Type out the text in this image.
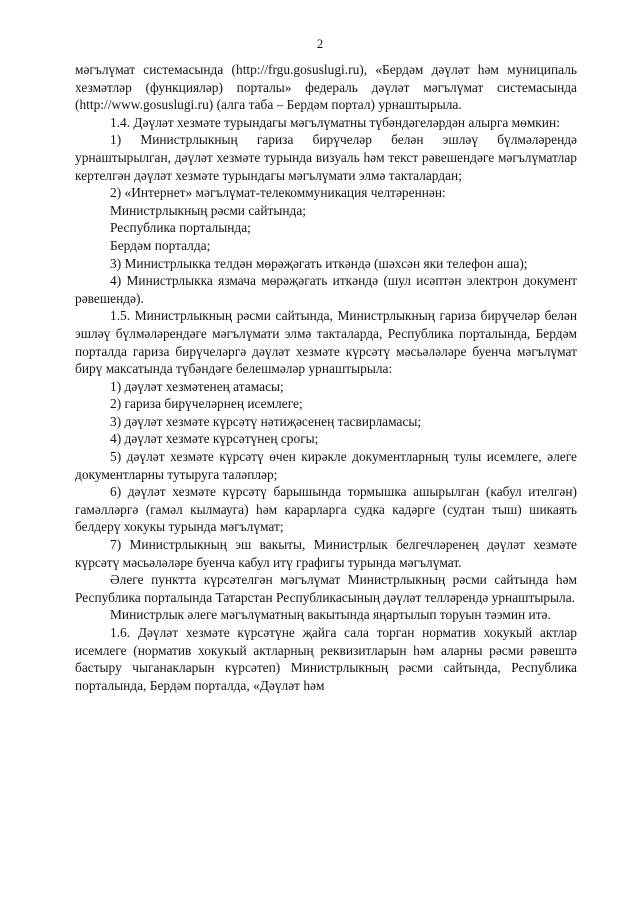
2

мәгълүмат системасында (http://frgu.gosuslugi.ru), «Бердәм дәүләт һәм муниципаль хезмәтләр (функцияләр) порталы» федераль дәүләт мәгълүмат системасында (http://www.gosuslugi.ru) (алга таба – Бердәм портал) урнаштырыла.

1.4. Дәүләт хезмәте турындагы мәгълүматны түбәндәгеләрдән алырга мөмкин:

1) Министрлыкның гариза бирүчеләр белән эшләү бүлмәләрендә урнаштырылган, дәүләт хезмәте турында визуаль һәм текст рәвешендәге мәгълүматлар кертелгән дәүләт хезмәте турындагы мәгълүмати элмә такталардан;

2) «Интернет» мәгълүмат-телекоммуникация челтәреннән:

Министрлыкның рәсми сайтында;

Республика порталында;

Бердәм порталда;

3) Министрлыкка телдән мөрәҗәгать иткәндә (шәхсән яки телефон аша);

4) Министрлыкка язмача мөрәҗәгать иткәндә (шул исәптән электрон документ рәвешендә).

1.5. Министрлыкның рәсми сайтында, Министрлыкның гариза бирүчеләр белән эшләү бүлмәләрендәге мәгълүмати элмә такталарда, Республика порталында, Бердәм порталда гариза бирүчеләргә дәүләт хезмәте күрсәтү мәсьәләләре буенча мәгълүмат бирү максатында түбәндәге белешмәләр урнаштырыла:

1) дәүләт хезмәтенең атамасы;

2) гариза бирүчеләрнең исемлеге;

3) дәүләт хезмәте күрсәтү нәтиҗәсенең тасвирламасы;

4) дәүләт хезмәте күрсәтүнең срогы;

5) дәүләт хезмәте күрсәтү өчен кирәкле документларның тулы исемлеге, әлеге документларны тутыруга таләпләр;

6) дәүләт хезмәте күрсәтү барышында тормышка ашырылган (кабул ителгән) гамәлләргә (гамәл кылмауга) һәм карарларга судка кадәрге (судтан тыш) шикаять белдерү хокукы турында мәгълүмат;

7) Министрлыкның эш вакыты, Министрлык белгечләренең дәүләт хезмәте күрсәтү мәсьәләләре буенча кабул итү графигы турында мәгълүмат.

Әлеге пунктта күрсәтелгән мәгълүмат Министрлыкның рәсми сайтында һәм Республика порталында Татарстан Республикасының дәүләт телләрендә урнаштырыла.

Министрлык әлеге мәгълүматның вакытында яңартылып торуын тәэмин итә.

1.6. Дәүләт хезмәте күрсәтүне җайга сала торган норматив хокукый актлар исемлеге (норматив хокукый актларның реквизитларын һәм аларны рәсми рәвештә бастыру чыганакларын күрсәтеп) Министрлыкның рәсми сайтында, Республика порталында, Бердәм порталда, «Дәүләт һәм
